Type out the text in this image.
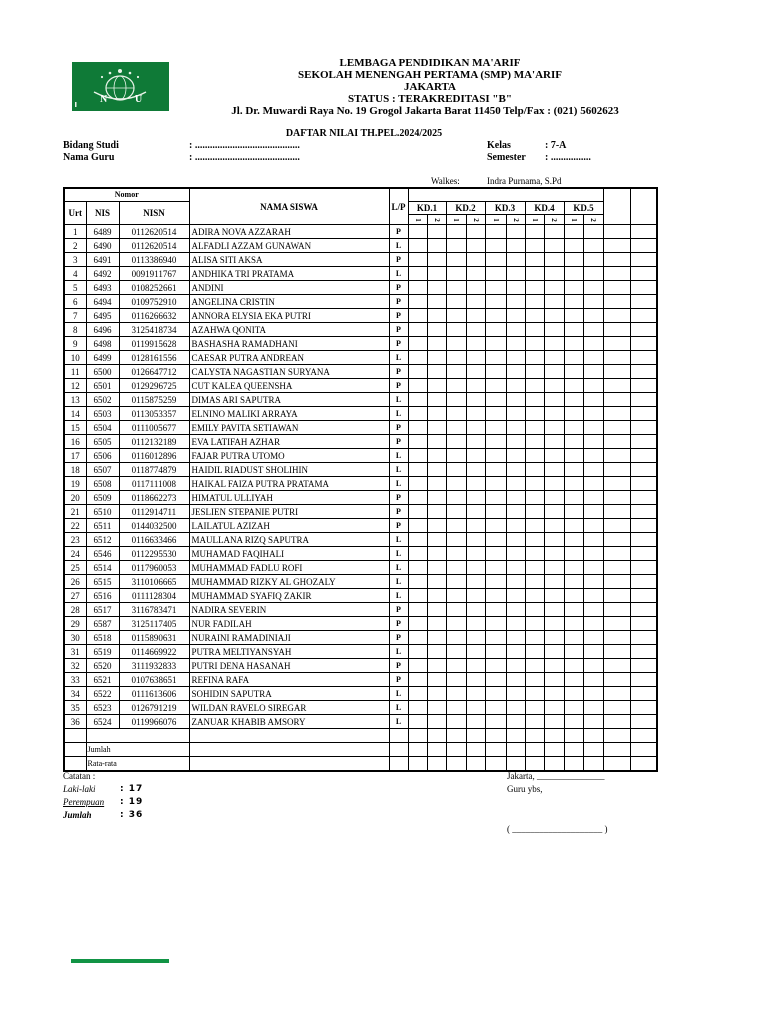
N	U
LEMBAGA PENDIDIKAN MA'ARIF
SEKOLAH MENENGAH PERTAMA (SMP) MA'ARIF
JAKARTA
STATUS : TERAKREDITASI "B"
Jl. Dr. Muwardi Raya No. 19 Grogol Jakarta Barat 11450 Telp/Fax : (021) 5602623
DAFTAR NILAI TH.PEL.2024/2025
Bidang Studi	: ..........................................
Nama Guru	: ..........................................
Kelas	: 7-A
Semester : ................
Walkes:	Indra Purnama, S.Pd
Nomor			NAMA SISWA	L/P												
Urt	NIS	NISN			KD.1		KD.2		KD.3		KD.4		KD.5			
					1	2	1	2	1	2	1	2	1	2		
1	6489	0112620514	ADIRA NOVA AZZARAH	P												
2	6490	0112620514	ALFADLI AZZAM GUNAWAN	L												
3	6491	0113386940	ALISA SITI AKSA	P												
4	6492	0091911767	ANDHIKA TRI PRATAMA	L												
5	6493	0108252661	ANDINI	P												
6	6494	0109752910	ANGELINA CRISTIN	P												
7	6495	0116266632	ANNORA ELYSIA EKA PUTRI	P												
8	6496	3125418734	AZAHWA QONITA	P												
9	6498	0119915628	BASHASHA RAMADHANI	P												
10	6499	0128161556	CAESAR PUTRA ANDREAN	L												
11	6500	0126647712	CALYSTA NAGASTIAN SURYANA	P												
12	6501	0129296725	CUT KALEA QUEENSHA	P												
13	6502	0115875259	DIMAS ARI SAPUTRA	L												
14	6503	0113053357	ELNINO MALIKI ARRAYA	L												
15	6504	0111005677	EMILY PAVITA SETIAWAN	P												
16	6505	0112132189	EVA LATIFAH AZHAR	P												
17	6506	0116012896	FAJAR PUTRA UTOMO	L												
18	6507	0118774879	HAIDIL RIADUST SHOLIHIN	L												
19	6508	0117111008	HAIKAL FAIZA PUTRA PRATAMA	L												
20	6509	0118662273	HIMATUL ULLIYAH	P												
21	6510	0112914711	JESLIEN STEPANIE PUTRI	P												
22	6511	0144032500	LAILATUL AZIZAH	P												
23	6512	0116633466	MAULLANA RIZQ SAPUTRA	L												
24	6546	0112295530	MUHAMAD FAQIHALI	L												
25	6514	0117960053	MUHAMMAD FADLU ROFI	L												
26	6515	3110106665	MUHAMMAD RIZKY AL GHOZALY	L												
27	6516	0111128304	MUHAMMAD SYAFIQ ZAKIR	L												
28	6517	3116783471	NADIRA SEVERIN	P												
29	6587	3125117405	NUR FADILAH	P												
30	6518	0115890631	NURAINI RAMADINIAJI	P												
31	6519	0114669922	PUTRA MELTIYANSYAH	L												
32	6520	3111932833	PUTRI DENA HASANAH	P												
33	6521	0107638651	REFINA RAFA	P												
34	6522	0111613606	SOHIDIN SAPUTRA	L												
35	6523	0126791219	WILDAN RAVELO SIREGAR	L												
36	6524	0119966076	ZANUAR KHABIB AMSORY	L												

	Jumlah															
	Rata-rata															
Catatan :
Laki-laki	: 17
Perempuan	: 19
Jumlah	: 36
Jakarta, _______________
Guru ybs,
( ____________________ )
